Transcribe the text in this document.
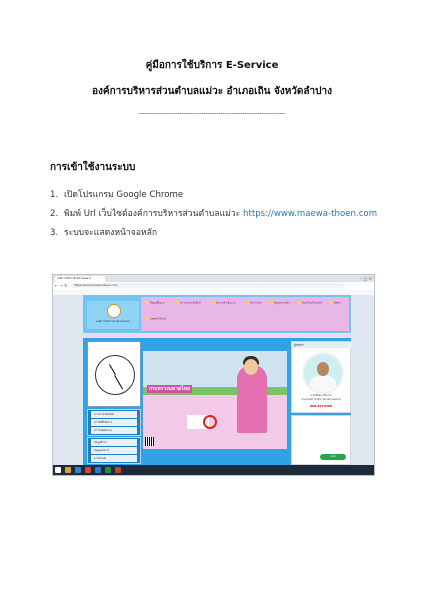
คู่มือการใช้บริการ E-Service
องค์การบริหารส่วนตำบลแม่วะ อำเภอเถิน จังหวัดลำปาง
--------------------------------------------------------------------
การเข้าใช้งานระบบ
1. เปิดโปรแกรม Google Chrome
2. พิมพ์ Url เว็บไซต์องค์การบริหารส่วนตำบลแม่วะ https://www.maewa-thoen.com
3. ระบบจะแสดงหน้าจอหลัก
องค์การบริหารส่วนตำบลแม่วะ	– □ ×
← → ↻	https://www.maewa-thoen.com
องค์การบริหารส่วนตำบลแม่วะ
ข้อมูลพื้นฐาน	ข่าวประชาสัมพันธ์	ผลการดำเนินงาน	กิจการสภา	ข้อมูลการคลัง	ร้องเรียน/ร้องทุกข์	ติดต่อ
ทดสอบไฮไลท์
ข่าวประชาสัมพันธ์
ข่าวจัดซื้อจัดจ้าง
ข่าวรับสมัครงาน
ข้อมูลทั่วไป
ข้อมูลบุคลากร
ดาวน์โหลด
กระทรวงมหาดไทย
ผู้บริหาร
นายชัยพล กลีบงาม
นายกองค์การบริหารส่วนตำบลแม่วะ
098-8173380
แชท
